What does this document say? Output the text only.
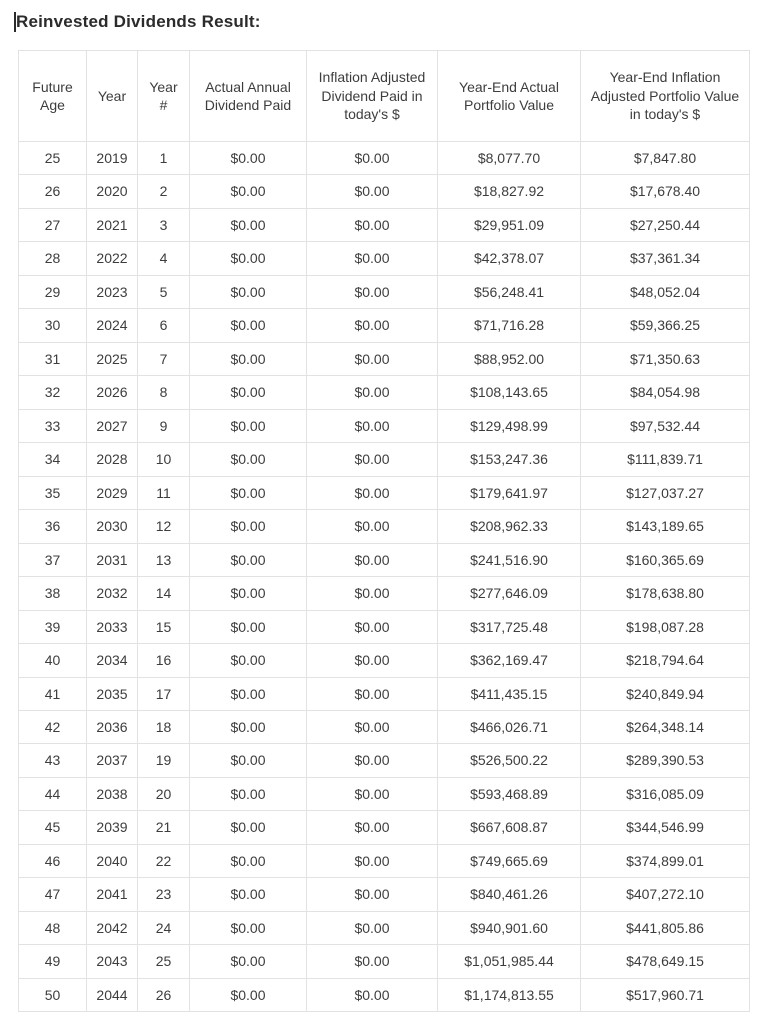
Reinvested Dividends Result:
Future Age	Year	Year #	Actual Annual Dividend Paid	Inflation Adjusted Dividend Paid in today's $	Year-End Actual Portfolio Value	Year-End Inflation Adjusted Portfolio Value in today's $
25	2019	1	$0.00	$0.00	$8,077.70	$7,847.80
26	2020	2	$0.00	$0.00	$18,827.92	$17,678.40
27	2021	3	$0.00	$0.00	$29,951.09	$27,250.44
28	2022	4	$0.00	$0.00	$42,378.07	$37,361.34
29	2023	5	$0.00	$0.00	$56,248.41	$48,052.04
30	2024	6	$0.00	$0.00	$71,716.28	$59,366.25
31	2025	7	$0.00	$0.00	$88,952.00	$71,350.63
32	2026	8	$0.00	$0.00	$108,143.65	$84,054.98
33	2027	9	$0.00	$0.00	$129,498.99	$97,532.44
34	2028	10	$0.00	$0.00	$153,247.36	$111,839.71
35	2029	11	$0.00	$0.00	$179,641.97	$127,037.27
36	2030	12	$0.00	$0.00	$208,962.33	$143,189.65
37	2031	13	$0.00	$0.00	$241,516.90	$160,365.69
38	2032	14	$0.00	$0.00	$277,646.09	$178,638.80
39	2033	15	$0.00	$0.00	$317,725.48	$198,087.28
40	2034	16	$0.00	$0.00	$362,169.47	$218,794.64
41	2035	17	$0.00	$0.00	$411,435.15	$240,849.94
42	2036	18	$0.00	$0.00	$466,026.71	$264,348.14
43	2037	19	$0.00	$0.00	$526,500.22	$289,390.53
44	2038	20	$0.00	$0.00	$593,468.89	$316,085.09
45	2039	21	$0.00	$0.00	$667,608.87	$344,546.99
46	2040	22	$0.00	$0.00	$749,665.69	$374,899.01
47	2041	23	$0.00	$0.00	$840,461.26	$407,272.10
48	2042	24	$0.00	$0.00	$940,901.60	$441,805.86
49	2043	25	$0.00	$0.00	$1,051,985.44	$478,649.15
50	2044	26	$0.00	$0.00	$1,174,813.55	$517,960.71
